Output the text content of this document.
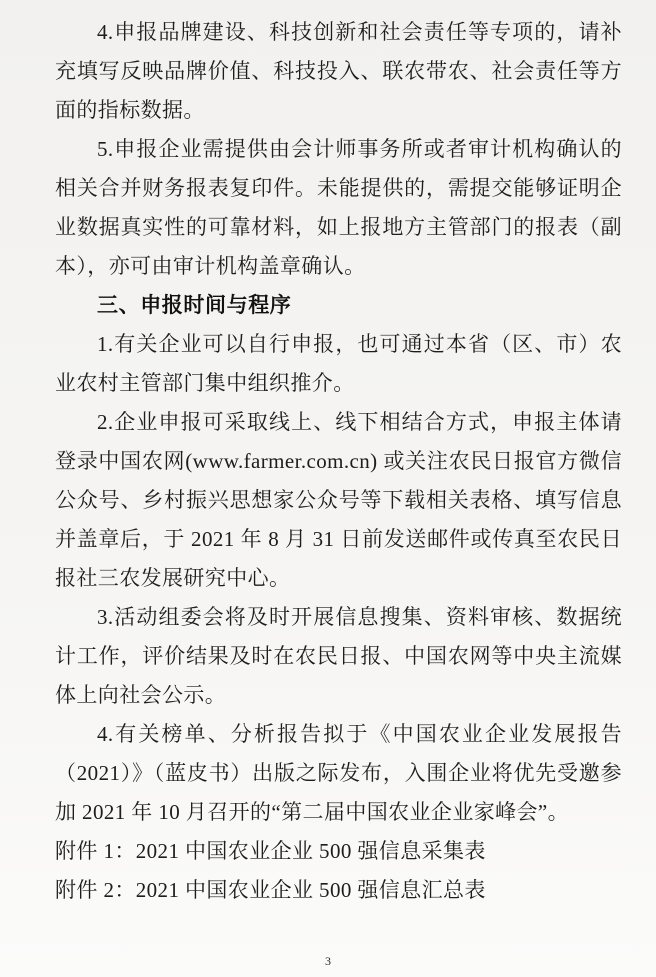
4.申报品牌建设、科技创新和社会责任等专项的，请补充填写反映品牌价值、科技投入、联农带农、社会责任等方面的指标数据。

5.申报企业需提供由会计师事务所或者审计机构确认的相关合并财务报表复印件。未能提供的，需提交能够证明企业数据真实性的可靠材料，如上报地方主管部门的报表（副本），亦可由审计机构盖章确认。

三、申报时间与程序

1.有关企业可以自行申报，也可通过本省（区、市）农业农村主管部门集中组织推介。

2.企业申报可采取线上、线下相结合方式，申报主体请登录中国农网(www.farmer.com.cn) 或关注农民日报官方微信公众号、乡村振兴思想家公众号等下载相关表格、填写信息并盖章后，于 2021 年 8 月 31 日前发送邮件或传真至农民日报社三农发展研究中心。

3.活动组委会将及时开展信息搜集、资料审核、数据统计工作，评价结果及时在农民日报、中国农网等中央主流媒体上向社会公示。

4.有关榜单、分析报告拟于《中国农业企业发展报告（2021）》（蓝皮书）出版之际发布，入围企业将优先受邀参加 2021 年 10 月召开的“第二届中国农业企业家峰会”。

附件 1：2021 中国农业企业 500 强信息采集表

附件 2：2021 中国农业企业 500 强信息汇总表

3
